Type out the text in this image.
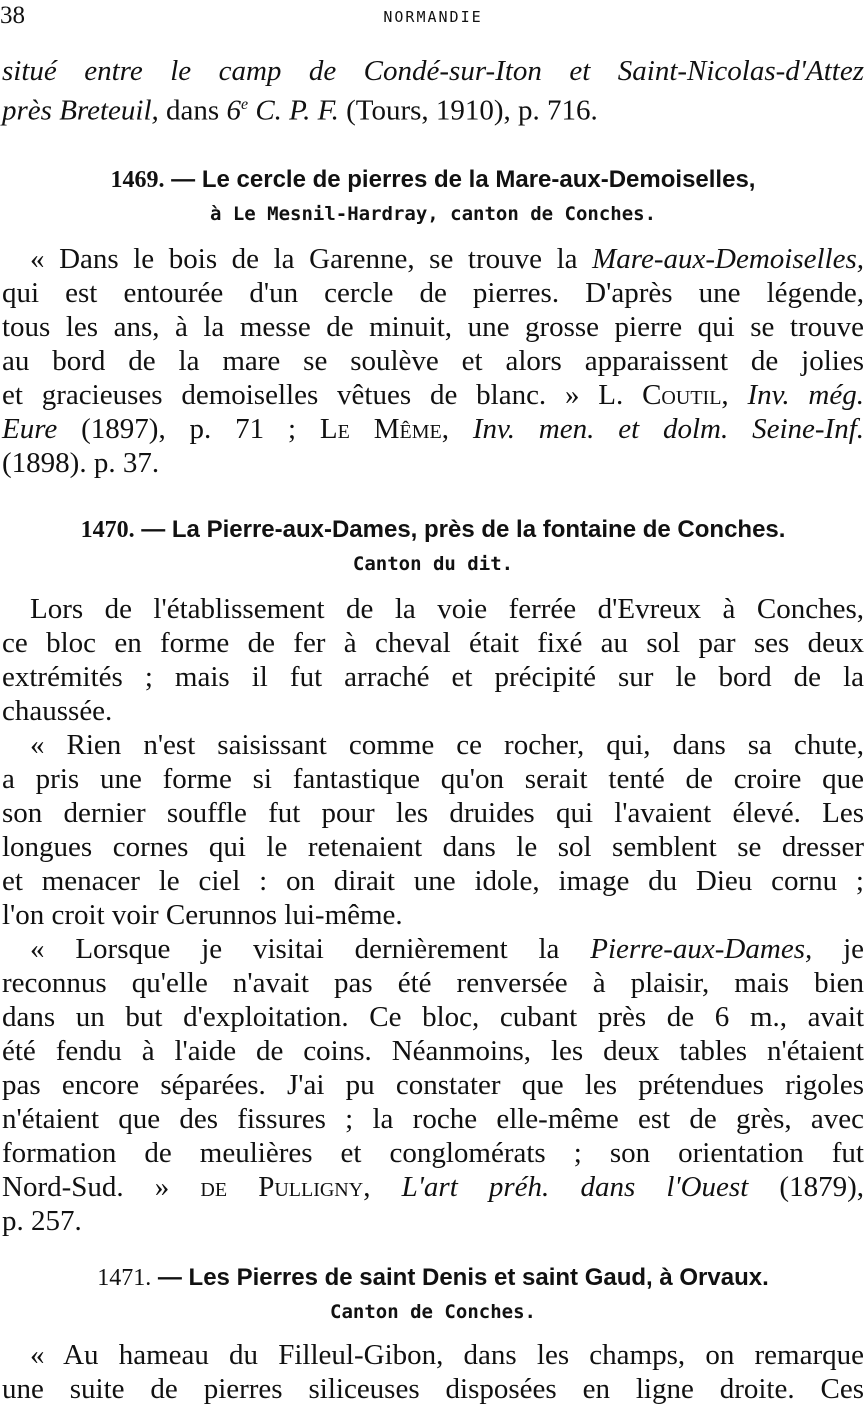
38	NORMANDIE
situé entre le camp de Condé-sur-Iton et Saint-Nicolas-d'Attez
près Breteuil, dans 6e C. P. F. (Tours, 1910), p. 716.
1469. — Le cercle de pierres de la Mare-aux-Demoiselles,
à Le Mesnil-Hardray, canton de Conches.
« Dans le bois de la Garenne, se trouve la Mare-aux-Demoiselles,
qui est entourée d'un cercle de pierres. D'après une légende,
tous les ans, à la messe de minuit, une grosse pierre qui se trouve
au bord de la mare se soulève et alors apparaissent de jolies
et gracieuses demoiselles vêtues de blanc. » L. Coutil, Inv. még.
Eure (1897), p. 71 ; Le Même, Inv. men. et dolm. Seine-Inf.
(1898). p. 37.
1470. — La Pierre-aux-Dames, près de la fontaine de Conches.
Canton du dit.
Lors de l'établissement de la voie ferrée d'Evreux à Conches,
ce bloc en forme de fer à cheval était fixé au sol par ses deux
extrémités ; mais il fut arraché et précipité sur le bord de la
chaussée.
« Rien n'est saisissant comme ce rocher, qui, dans sa chute,
a pris une forme si fantastique qu'on serait tenté de croire que
son dernier souffle fut pour les druides qui l'avaient élevé. Les
longues cornes qui le retenaient dans le sol semblent se dresser
et menacer le ciel : on dirait une idole, image du Dieu cornu ;
l'on croit voir Cerunnos lui-même.
« Lorsque je visitai dernièrement la Pierre-aux-Dames, je
reconnus qu'elle n'avait pas été renversée à plaisir, mais bien
dans un but d'exploitation. Ce bloc, cubant près de 6 m., avait
été fendu à l'aide de coins. Néanmoins, les deux tables n'étaient
pas encore séparées. J'ai pu constater que les prétendues rigoles
n'étaient que des fissures ; la roche elle-même est de grès, avec
formation de meulières et conglomérats ; son orientation fut
Nord-Sud. » de Pulligny, L'art préh. dans l'Ouest (1879),
p. 257.
1471. — Les Pierres de saint Denis et saint Gaud, à Orvaux.
Canton de Conches.
« Au hameau du Filleul-Gibon, dans les champs, on remarque
une suite de pierres siliceuses disposées en ligne droite. Ces
